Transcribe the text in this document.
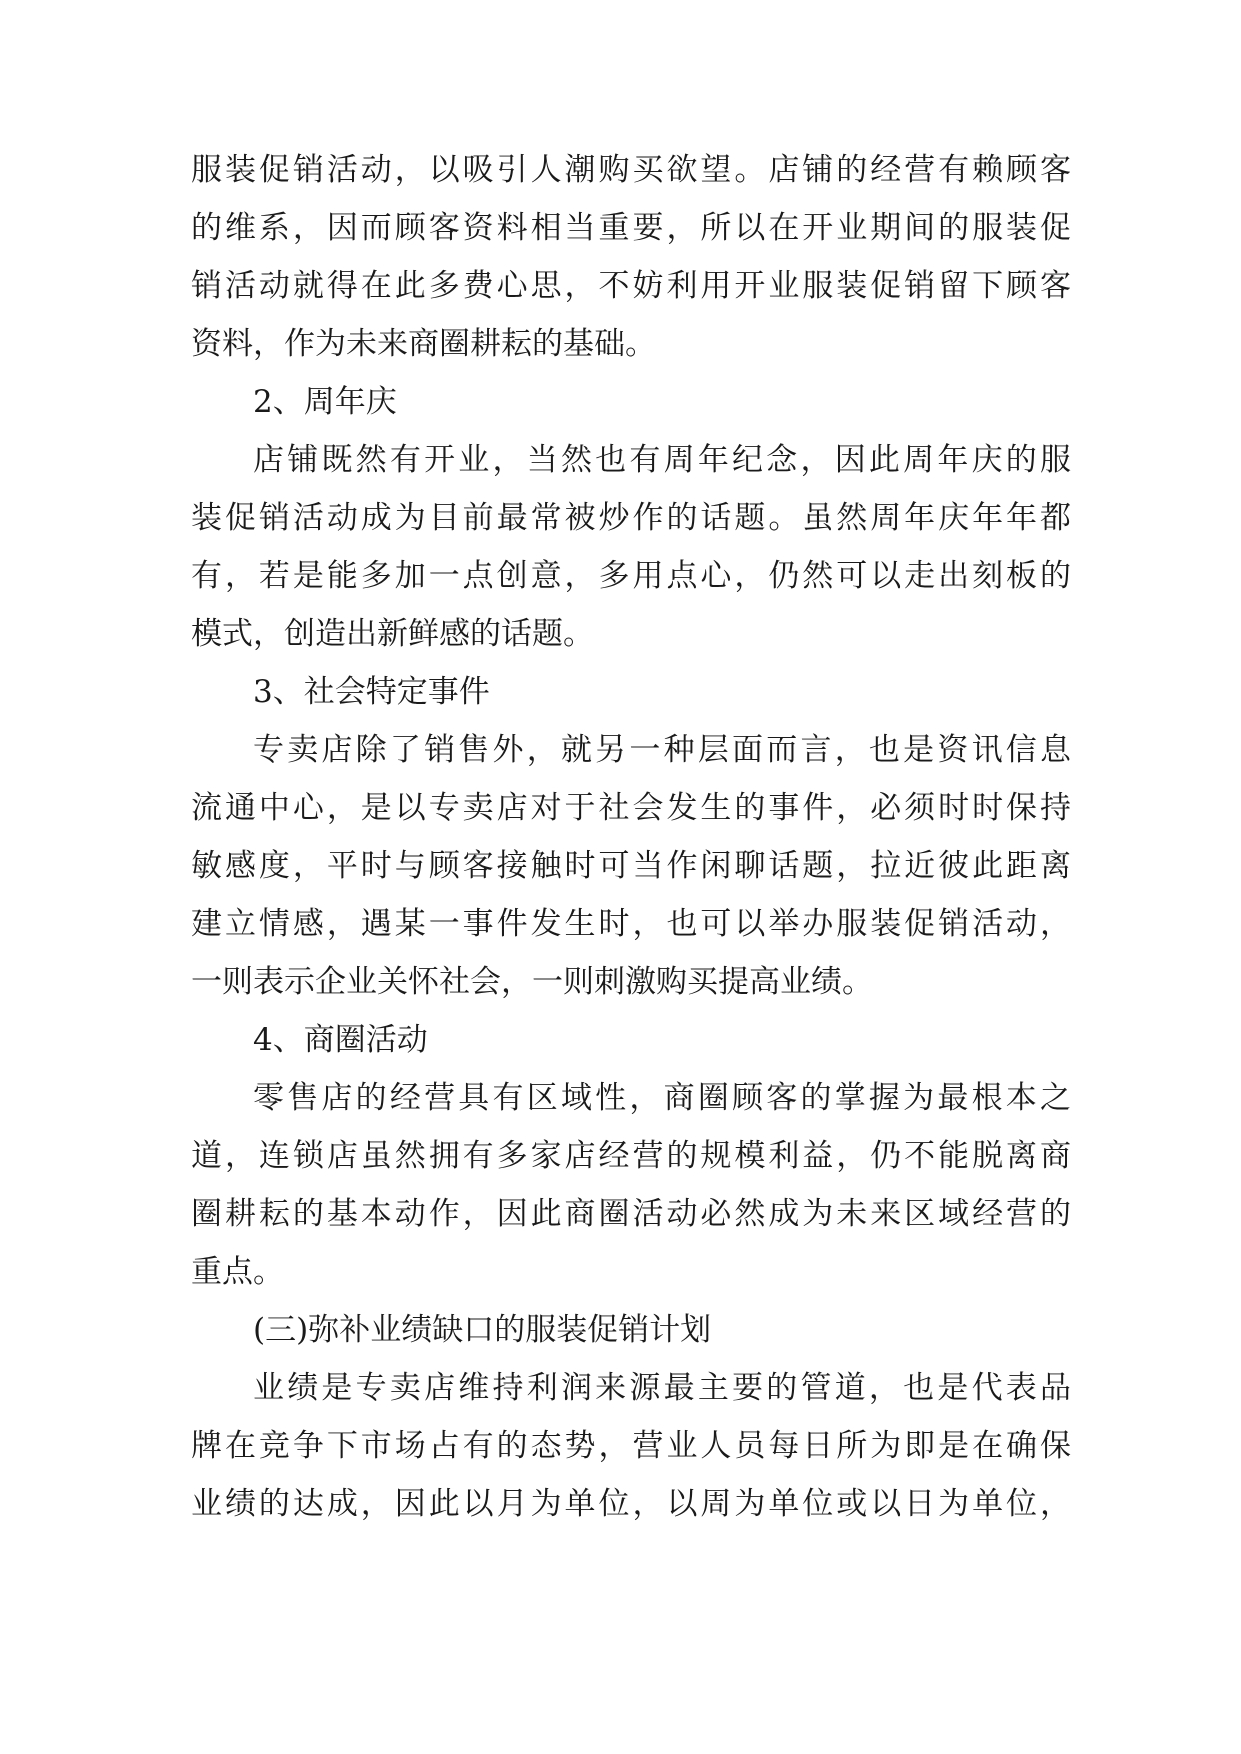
服装促销活动，以吸引人潮购买欲望。店铺的经营有赖顾客
的维系，因而顾客资料相当重要，所以在开业期间的服装促
销活动就得在此多费心思，不妨利用开业服装促销留下顾客
资料，作为未来商圈耕耘的基础。
2、周年庆
店铺既然有开业，当然也有周年纪念，因此周年庆的服
装促销活动成为目前最常被炒作的话题。虽然周年庆年年都
有，若是能多加一点创意，多用点心，仍然可以走出刻板的
模式，创造出新鲜感的话题。
3、社会特定事件
专卖店除了销售外，就另一种层面而言，也是资讯信息
流通中心，是以专卖店对于社会发生的事件，必须时时保持
敏感度，平时与顾客接触时可当作闲聊话题，拉近彼此距离
建立情感，遇某一事件发生时，也可以举办服装促销活动，
一则表示企业关怀社会，一则刺激购买提高业绩。
4、商圈活动
零售店的经营具有区域性，商圈顾客的掌握为最根本之
道，连锁店虽然拥有多家店经营的规模利益，仍不能脱离商
圈耕耘的基本动作，因此商圈活动必然成为未来区域经营的
重点。
(三)弥补业绩缺口的服装促销计划
业绩是专卖店维持利润来源最主要的管道，也是代表品
牌在竞争下市场占有的态势，营业人员每日所为即是在确保
业绩的达成，因此以月为单位，以周为单位或以日为单位，
